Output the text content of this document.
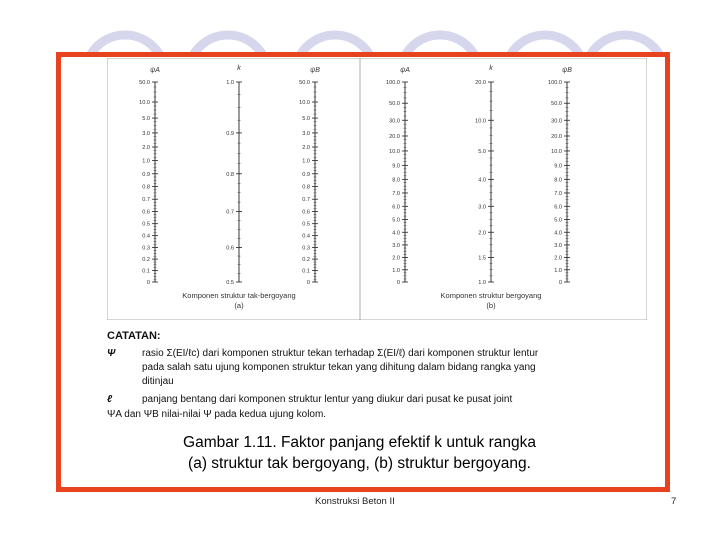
ψA	k	ψB
50.0
10.0
5.0
3.0
2.0
1.0
0.9
0.8
0.7
0.6
0.5
0.4
0.3
0.2
0.1
0
1.0
0.9
0.8
0.7
0.6
0.5
50.0
10.0
5.0
3.0
2.0
1.0
0.9
0.8
0.7
0.6
0.5
0.4
0.3
0.2
0.1
0
Komponen struktur tak-bergoyang
(a)
ψA	k	ψB
100.0
50.0
30.0
20.0
10.0
9.0
8.0
7.0
6.0
5.0
4.0
3.0
2.0
1.0
0
20.0
10.0
5.0
4.0
3.0
2.0
1.5
1.0
100.0
50.0
30.0
20.0
10.0
9.0
8.0
7.0
6.0
5.0
4.0
3.0
2.0
1.0
0
Komponen struktur bergoyang
(b)
CATATAN:
Ψ	rasio Σ(EI/ℓc) dari komponen struktur tekan terhadap Σ(EI/ℓ) dari komponen struktur lentur
pada salah satu ujung komponen struktur tekan yang dihitung dalam bidang rangka yang
ditinjau
ℓ	panjang bentang dari komponen struktur lentur yang diukur dari pusat ke pusat joint
ΨA dan ΨB nilai-nilai Ψ pada kedua ujung kolom.
Gambar 1.11. Faktor panjang efektif k untuk rangka
(a) struktur tak bergoyang, (b) struktur bergoyang.
Konstruksi Beton II	7
